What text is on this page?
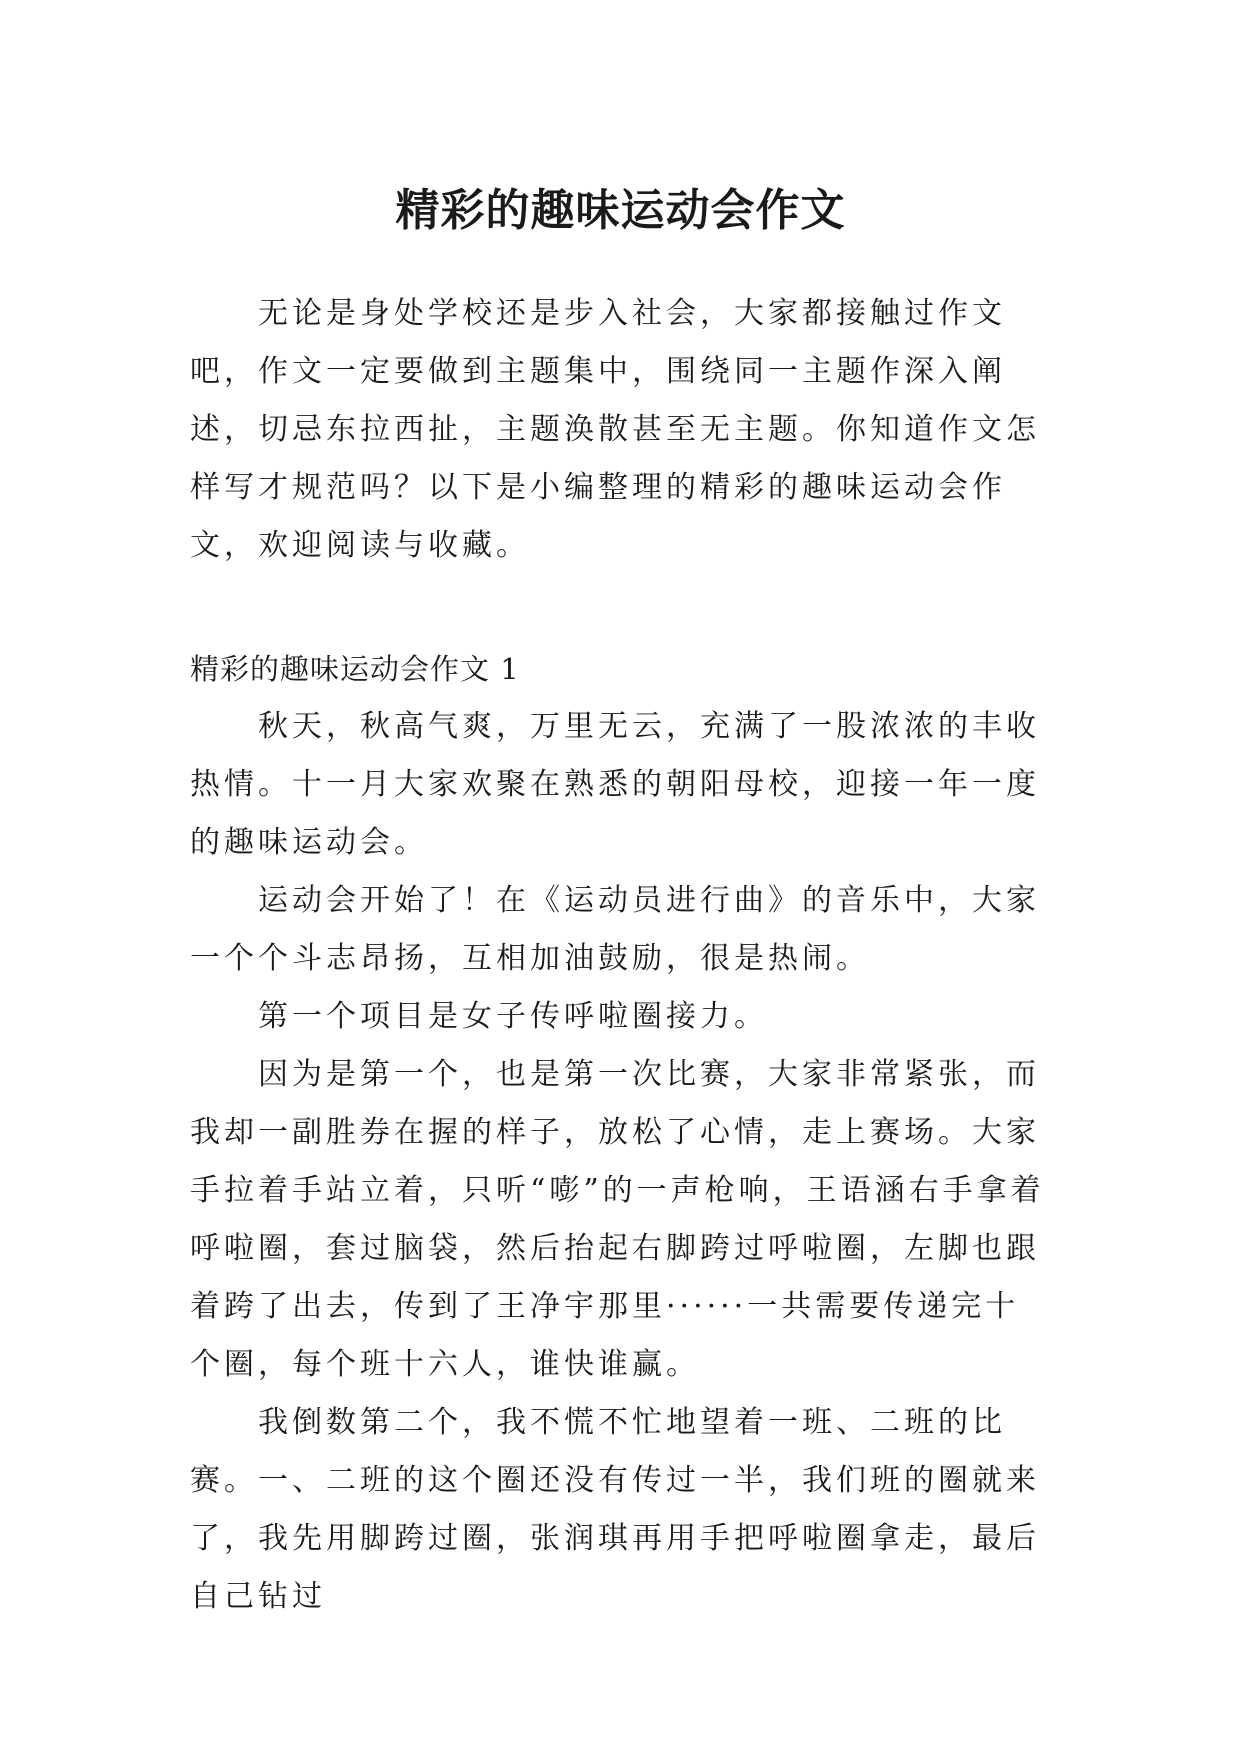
精彩的趣味运动会作文

无论是身处学校还是步入社会，大家都接触过作文吧，作文一定要做到主题集中，围绕同一主题作深入阐述，切忌东拉西扯，主题涣散甚至无主题。你知道作文怎样写才规范吗？以下是小编整理的精彩的趣味运动会作文，欢迎阅读与收藏。

精彩的趣味运动会作文 1

秋天，秋高气爽，万里无云，充满了一股浓浓的丰收热情。十一月大家欢聚在熟悉的朝阳母校，迎接一年一度的趣味运动会。

运动会开始了！在《运动员进行曲》的音乐中，大家一个个斗志昂扬，互相加油鼓励，很是热闹。

第一个项目是女子传呼啦圈接力。

因为是第一个，也是第一次比赛，大家非常紧张，而我却一副胜券在握的样子，放松了心情，走上赛场。大家手拉着手站立着，只听“嘭”的一声枪响，王语涵右手拿着呼啦圈，套过脑袋，然后抬起右脚跨过呼啦圈，左脚也跟着跨了出去，传到了王净宇那里······一共需要传递完十个圈，每个班十六人，谁快谁赢。

我倒数第二个，我不慌不忙地望着一班、二班的比赛。一、二班的这个圈还没有传过一半，我们班的圈就来了，我先用脚跨过圈，张润琪再用手把呼啦圈拿走，最后自己钻过
